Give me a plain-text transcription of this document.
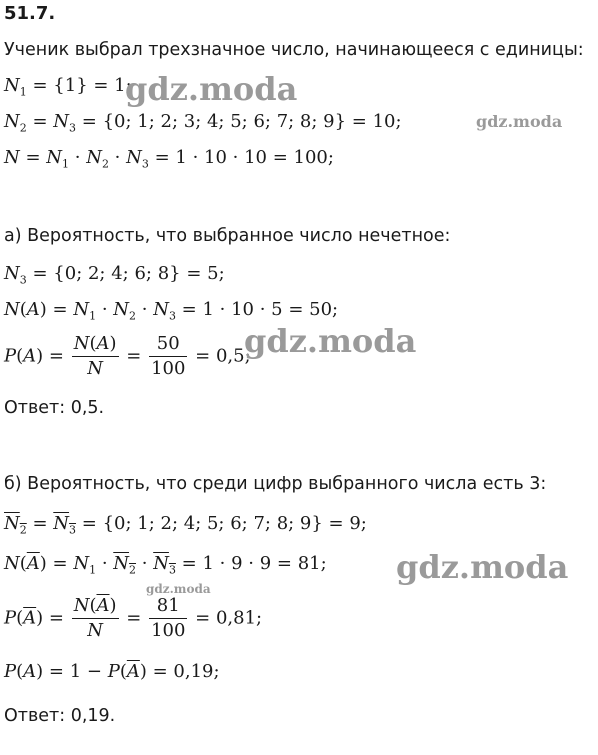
51.7.
Ученик выбрал трехзначное число, начинающееся с единицы:
$N_1 = \{1\} = 1$;
$N_2 = N_3 = \{0$; 1; 2; 3; 4; 5; 6; 7; 8; 9} = 10;
$N = N_1 \cdot N_2 \cdot N_3 = 1 \cdot 10 \cdot 10 = 100$;
а) Вероятность, что выбранное число нечетное:
$N_3 = \{0$; 2; 4; 6; 8} = 5;
$N(A) = N_1 \cdot N_2 \cdot N_3 = 1 \cdot 10 \cdot 5 = 50$;
$P(A) = \frac{N(A)}{N} = \frac{50}{100} = 0,5$;
Ответ: 0,5.
б) Вероятность, что среди цифр выбранного числа есть 3:
$N_2 = N_3 = \{0$; 1; 2; 4; 5; 6; 7; 8; 9} = 9;
$N(\overline{A}) = N_1 \cdot N_2 \cdot N_3 = 1 \cdot 9 \cdot 9 = 81$;
$P(\overline{A}) = \frac{N(\overline{A})}{N} = \frac{81}{100} = 0,81$;
$P(A) = 1 - P(\overline{A}) = 0,19$;
Ответ: 0,19.
gdz.moda
gdz.moda
gdz.moda
gdz.moda
gdz.moda
